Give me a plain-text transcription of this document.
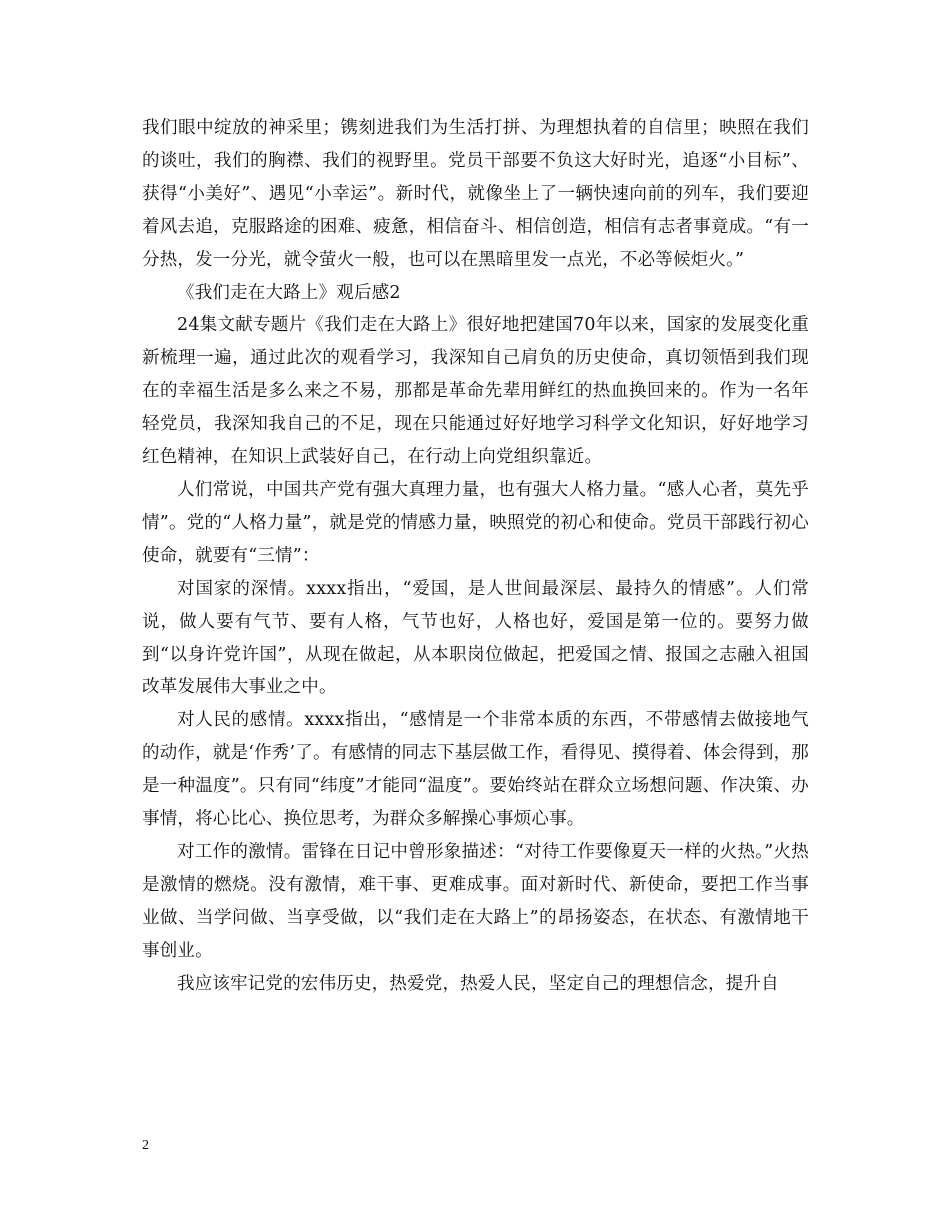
我们眼中绽放的神采里；镌刻进我们为生活打拼、为理想执着的自信里；映照在我们的谈吐，我们的胸襟、我们的视野里。党员干部要不负这大好时光，追逐“小目标”、获得“小美好”、遇见“小幸运”。新时代，就像坐上了一辆快速向前的列车，我们要迎着风去追，克服路途的困难、疲惫，相信奋斗、相信创造，相信有志者事竟成。“有一分热，发一分光，就令萤火一般，也可以在黑暗里发一点光，不必等候炬火。”

《我们走在大路上》观后感2

24集文献专题片《我们走在大路上》很好地把建国70年以来，国家的发展变化重新梳理一遍，通过此次的观看学习，我深知自己肩负的历史使命，真切领悟到我们现在的幸福生活是多么来之不易，那都是革命先辈用鲜红的热血换回来的。作为一名年轻党员，我深知我自己的不足，现在只能通过好好地学习科学文化知识，好好地学习红色精神，在知识上武装好自己，在行动上向党组织靠近。

人们常说，中国共产党有强大真理力量，也有强大人格力量。“感人心者，莫先乎情”。党的“人格力量”，就是党的情感力量，映照党的初心和使命。党员干部践行初心使命，就要有“三情”：

对国家的深情。xxxx指出，“爱国，是人世间最深层、最持久的情感”。人们常说，做人要有气节、要有人格，气节也好，人格也好，爱国是第一位的。要努力做到“以身许党许国”，从现在做起，从本职岗位做起，把爱国之情、报国之志融入祖国改革发展伟大事业之中。

对人民的感情。xxxx指出，“感情是一个非常本质的东西，不带感情去做接地气的动作，就是‘作秀’了。有感情的同志下基层做工作，看得见、摸得着、体会得到，那是一种温度”。只有同“纬度”才能同“温度”。要始终站在群众立场想问题、作决策、办事情，将心比心、换位思考，为群众多解操心事烦心事。

对工作的激情。雷锋在日记中曾形象描述：“对待工作要像夏天一样的火热。”火热是激情的燃烧。没有激情，难干事、更难成事。面对新时代、新使命，要把工作当事业做、当学问做、当享受做，以“我们走在大路上”的昂扬姿态，在状态、有激情地干事创业。

我应该牢记党的宏伟历史，热爱党，热爱人民，坚定自己的理想信念，提升自

2
